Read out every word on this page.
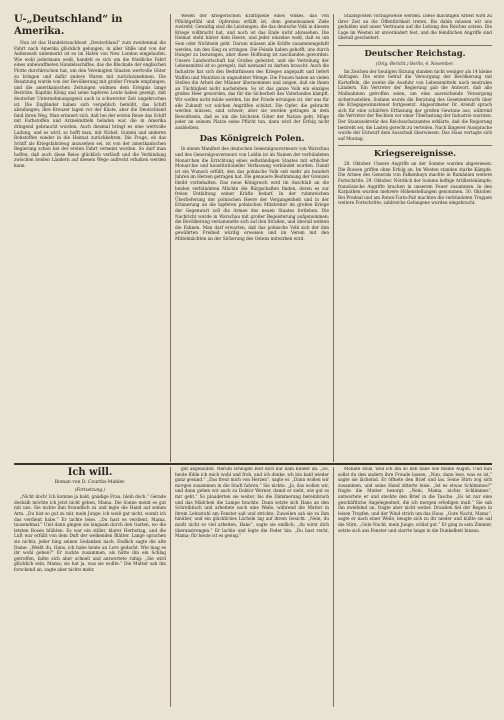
U-„Deutschland“ in Amerika.

Nun ist das Handelstauchboot „Deutschland“ zum zweitenmal die Fahrt nach Amerika glücklich gelungen, in aller Stille und von der Außenwelt unbemerkt ist es im Hafen von New London eingelaufen. Wie wohl jedermann weiß, handelt es sich um die friedliche Fahrt eines unbewaffneten Handelsschiffes, das die Blockade der englischen Flotte durchbrochen hat, um den Vereinigten Staaten wertvolle Güter zu bringen und dafür andere Waren mit zurückzunehmen. Die Besatzung wurde von der Bevölkerung mit großer Freude empfangen, und die amerikanischen Zeitungen widmen dem Ereignis lange Berichte. Kapitän König und seine tapferen Leute haben gezeigt, daß deutscher Unternehmungsgeist auch in schwerster Zeit ungebrochen ist. Die Engländer haben sich vergeblich bemüht, das Schiff abzufangen; ihre Kreuzer lagen vor der Küste, aber die Deutschland fand ihren Weg. Man erinnert sich, daß bei der ersten Reise das Schiff mit Farbstoffen und Arzneimitteln beladen war, die in Amerika dringend gebraucht wurden. Auch diesmal bringt es eine wertvolle Ladung, und es wird, so hofft man, mit Nickel, Gummi und anderen Rohstoffen wieder in die Heimat zurückkehren. Die Frage, ob das Schiff als Kriegsfahrzeug anzusehen sei, ist von der amerikanischen Regierung schon bei der ersten Fahrt verneint worden. So darf man hoffen, daß auch diese Reise glücklich verläuft und die Verbindung zwischen beiden Ländern auf diesem Wege aufrecht erhalten werden kann.

Wesen der kriegerischen Kraftquelle eines Volkes, das von Pflichtgefühl und Opfersinn erfüllt ist, dem gemeinsamen Ziele zustrebt. Gewaltig sind die Leistungen, die das deutsche Volk in diesem Kriege vollbracht hat, und noch ist das Ende nicht abzusehen. Die Heimat steht hinter dem Heere, und jeder einzelne weiß, daß es um Sein oder Nichtsein geht. Darum müssen alle Kräfte zusammengefaßt werden, um den Sieg zu erringen. Die Feinde haben gehofft, uns durch Hunger zu bezwingen, aber diese Hoffnung ist zuschanden geworden. Unsere Landwirtschaft hat Großes geleistet, und die Verteilung der Lebensmittel ist so geregelt, daß niemand zu darben braucht. Auch die Industrie hat sich den Bedürfnissen des Krieges angepaßt und liefert Waffen und Munition in ungeahnter Menge. Die Frauen haben an vielen Stellen die Arbeit der Männer übernommen und zeigen, daß sie ihnen an Tüchtigkeit nicht nachstehen. So ist das ganze Volk ein einziges großes Heer geworden, das für die Sicherheit des Vaterlandes kämpft. Wir wollen nicht müde werden, bis der Friede errungen ist, der uns für alle Zukunft vor solchen Angriffen schützt. Die Opfer, die gebracht werden müssen, sind schwer; aber sie werden getragen in dem Bewußtsein, daß es um die höchsten Güter der Nation geht. Möge jeder an seinem Platze seine Pflicht tun, dann wird der Erfolg nicht ausbleiben.

Das Königreich Polen.

In einem Manifest des deutschen Generalgouverneurs von Warschau und des Generalgouverneurs von Lublin ist im Namen der verbündeten Monarchen die Errichtung eines selbständigen Staates mit erblicher Monarchie und konstitutioneller Verfassung verkündet worden. Damit ist ein Wunsch erfüllt, den das polnische Volk seit mehr als hundert Jahren im Herzen getragen hat. Die genauere Bestimmung der Grenzen bleibt vorbehalten. Das neue Königreich wird im Anschluß an die beiden verbündeten Mächte die Bürgschaften finden, deren es zur freien Entfaltung seiner Kräfte bedarf. In der ruhmreichen Überlieferung der polnischen Heere der Vergangenheit und in der Erinnerung an die tapferen polnischen Mitstreiter im großen Kriege der Gegenwart soll die Armee des neuen Staates fortleben. Die Nachricht wurde in Warschau mit großer Begeisterung aufgenommen; die Bevölkerung versammelte sich auf den Straßen, und überall wehten die Fahnen. Man darf erwarten, daß das polnische Volk sich der ihm gewährten Freiheit würdig erweisen und im Verein mit den Mittelmächten an der Sicherung des Ostens mitwirken wird.

Staatsposten vorzugsweise werden. Diese mächtigen Arbeit wird zu ihrer Zeit an die Öffentlichkeit treten. Bis dahin müssen wir uns gedulden und unser Vertrauen auf die Leitung des Reiches setzen. Die Lage im Westen ist unverändert fest, und die feindlichen Angriffe sind überall gescheitert.

Deutscher Reichstag.
(Orig.-Bericht.) Berlin, 4. November.

Im Zeichen der heutigen Sitzung standen nicht weniger als 14 kleine Anfragen. Die erste betraf die Versorgung der Bevölkerung mit Kartoffeln, die zweite die Ausfuhr von Lebensmitteln nach neutralen Ländern. Ein Vertreter der Regierung gab die Antwort, daß alle Maßnahmen getroffen seien, um eine ausreichende Versorgung sicherzustellen. Sodann wurde die Beratung des Gesetzentwurfs über die Kriegsgewinnsteuer fortgesetzt. Abgeordneter Dr. Arendt sprach sich für eine schärfere Erfassung der großen Gewinne aus, während die Vertreter der Rechten vor einer Überlastung der Industrie warnten. Der Staatssekretär des Reichsschatzamtes erklärte, daß die Regierung bestrebt sei, die Lasten gerecht zu verteilen. Nach längerer Aussprache wurde der Entwurf dem Ausschuß überwiesen. Das Haus vertagte sich auf Montag.

Kriegsereignisse.

28. Oktober. Unsere Angriffe an der Somme wurden abgewiesen. Die Russen griffen ohne Erfolg an. Im Westen standen starke Kämpfe. Die Armee des Generals von Falkenhayn machte in Rumänien weitere Fortschritte. 29. Oktober. Nördlich der Somme heftige Artilleriekämpfe; französische Angriffe brachen in unserem Feuer zusammen. In den Karpathen wurden mehrere Höhenstellungen genommen. 30. Oktober. Bei Predeal und am Roten-Turm-Paß machten die verbündeten Truppen weitere Fortschritte; zahlreiche Gefangene wurden eingebracht.

Ich will.
Roman von D. Courths-Mahler.
(Fortsetzung.)

„Nicht doch! Ich komme ja bald, gnädige Frau, bleib doch.“ Gerade deshalb möchte ich jetzt nicht gehen, Mama. Die Sonne meint es gut mit uns. Sie nickte ihm freundlich zu und legte die Hand auf seinen Arm. „Du bist so gut zu mir, mein Junge; ich weiß gar nicht, womit ich das verdient habe.“ Er lachte leise. „Du hast es verdient, Mama, tausendmal.“ Und dann gingen sie langsam durch den Garten, wo die letzten Rosen blühten. Es war ein stiller, klarer Herbsttag, und die Luft war erfüllt von dem Duft der welkenden Blätter. Lange sprachen sie nichts; jeder hing seinen Gedanken nach. Endlich sagte die alte Dame: „Weißt du, Hans, ich habe heute an Lore gedacht. Wie mag es ihr wohl gehen?“ Er zuckte zusammen, als hätte ihn ein Schlag getroffen, faßte sich aber schnell und antwortete ruhig: „Sie wird glücklich sein, Mama; sie hat ja, was sie wollte.“ Die Mutter sah ihn forschend an, sagte aber nichts mehr.

gut abgelaufen. Warum schlugen Rolf dich nur kam Kinder an. „So, heute fühle ich mich wohl und froh, und ich denke, ich bin bald wieder ganz gesund.“ „Das freut mich von Herzen“, sagte er. „Dann wollen wir morgen zusammen in die Stadt fahren.“ Sie nickte. „Ja, das wollen wir, und dann gehen wir auch zu Doktor Werner, damit er sieht, wie gut es mir geht.“ So plauderten sie weiter, bis die Dämmerung hereinbrach und das Mädchen die Lampe brachte. Dann setzte sich Hans an den Schreibtisch und arbeitete noch eine Weile, während die Mutter in ihrem Lehnstuhl am Fenster saß und strickte. Zuweilen sah sie zu ihm hinüber, und ein glückliches Lächeln lag auf ihrem Gesicht. „Nein, du mußt nicht so viel arbeiten, Hans“, sagte sie endlich; „du wirst dich überanstrengen.“ Er lachte und legte die Feder hin. „Du hast recht, Mama; für heute ist es genug.“

Monate stolz, weil ich ihn so lieb habe wie meine Augen. Und nun sollst du den andern ihre Freude lassen. „Nun, dann lese, was es ist,“ sagte sie lächelnd. Er öffnete den Brief und las. Seine Stirn zog sich zusammen, und seine Hand zitterte leise. „Ist es etwas Schlimmes?“ fragte die Mutter besorgt. „Nein, Mama, nichts Schlimmes“, antwortete er und steckte den Brief in die Tasche. „Es ist nur eine geschäftliche Angelegenheit, die ich morgen erledigen muß.“ Sie sah ihn zweifelnd an, fragte aber nicht weiter. Draußen fiel der Regen in leisen Tropfen, und der Wind strich um das Haus. „Gute Nacht, Mama“, sagte er nach einer Weile, beugte sich zu ihr nieder und küßte sie auf die Stirn. „Gute Nacht, mein Junge; schlaf gut.“ Er ging in sein Zimmer, setzte sich ans Fenster und starrte lange in die Dunkelheit hinaus.
